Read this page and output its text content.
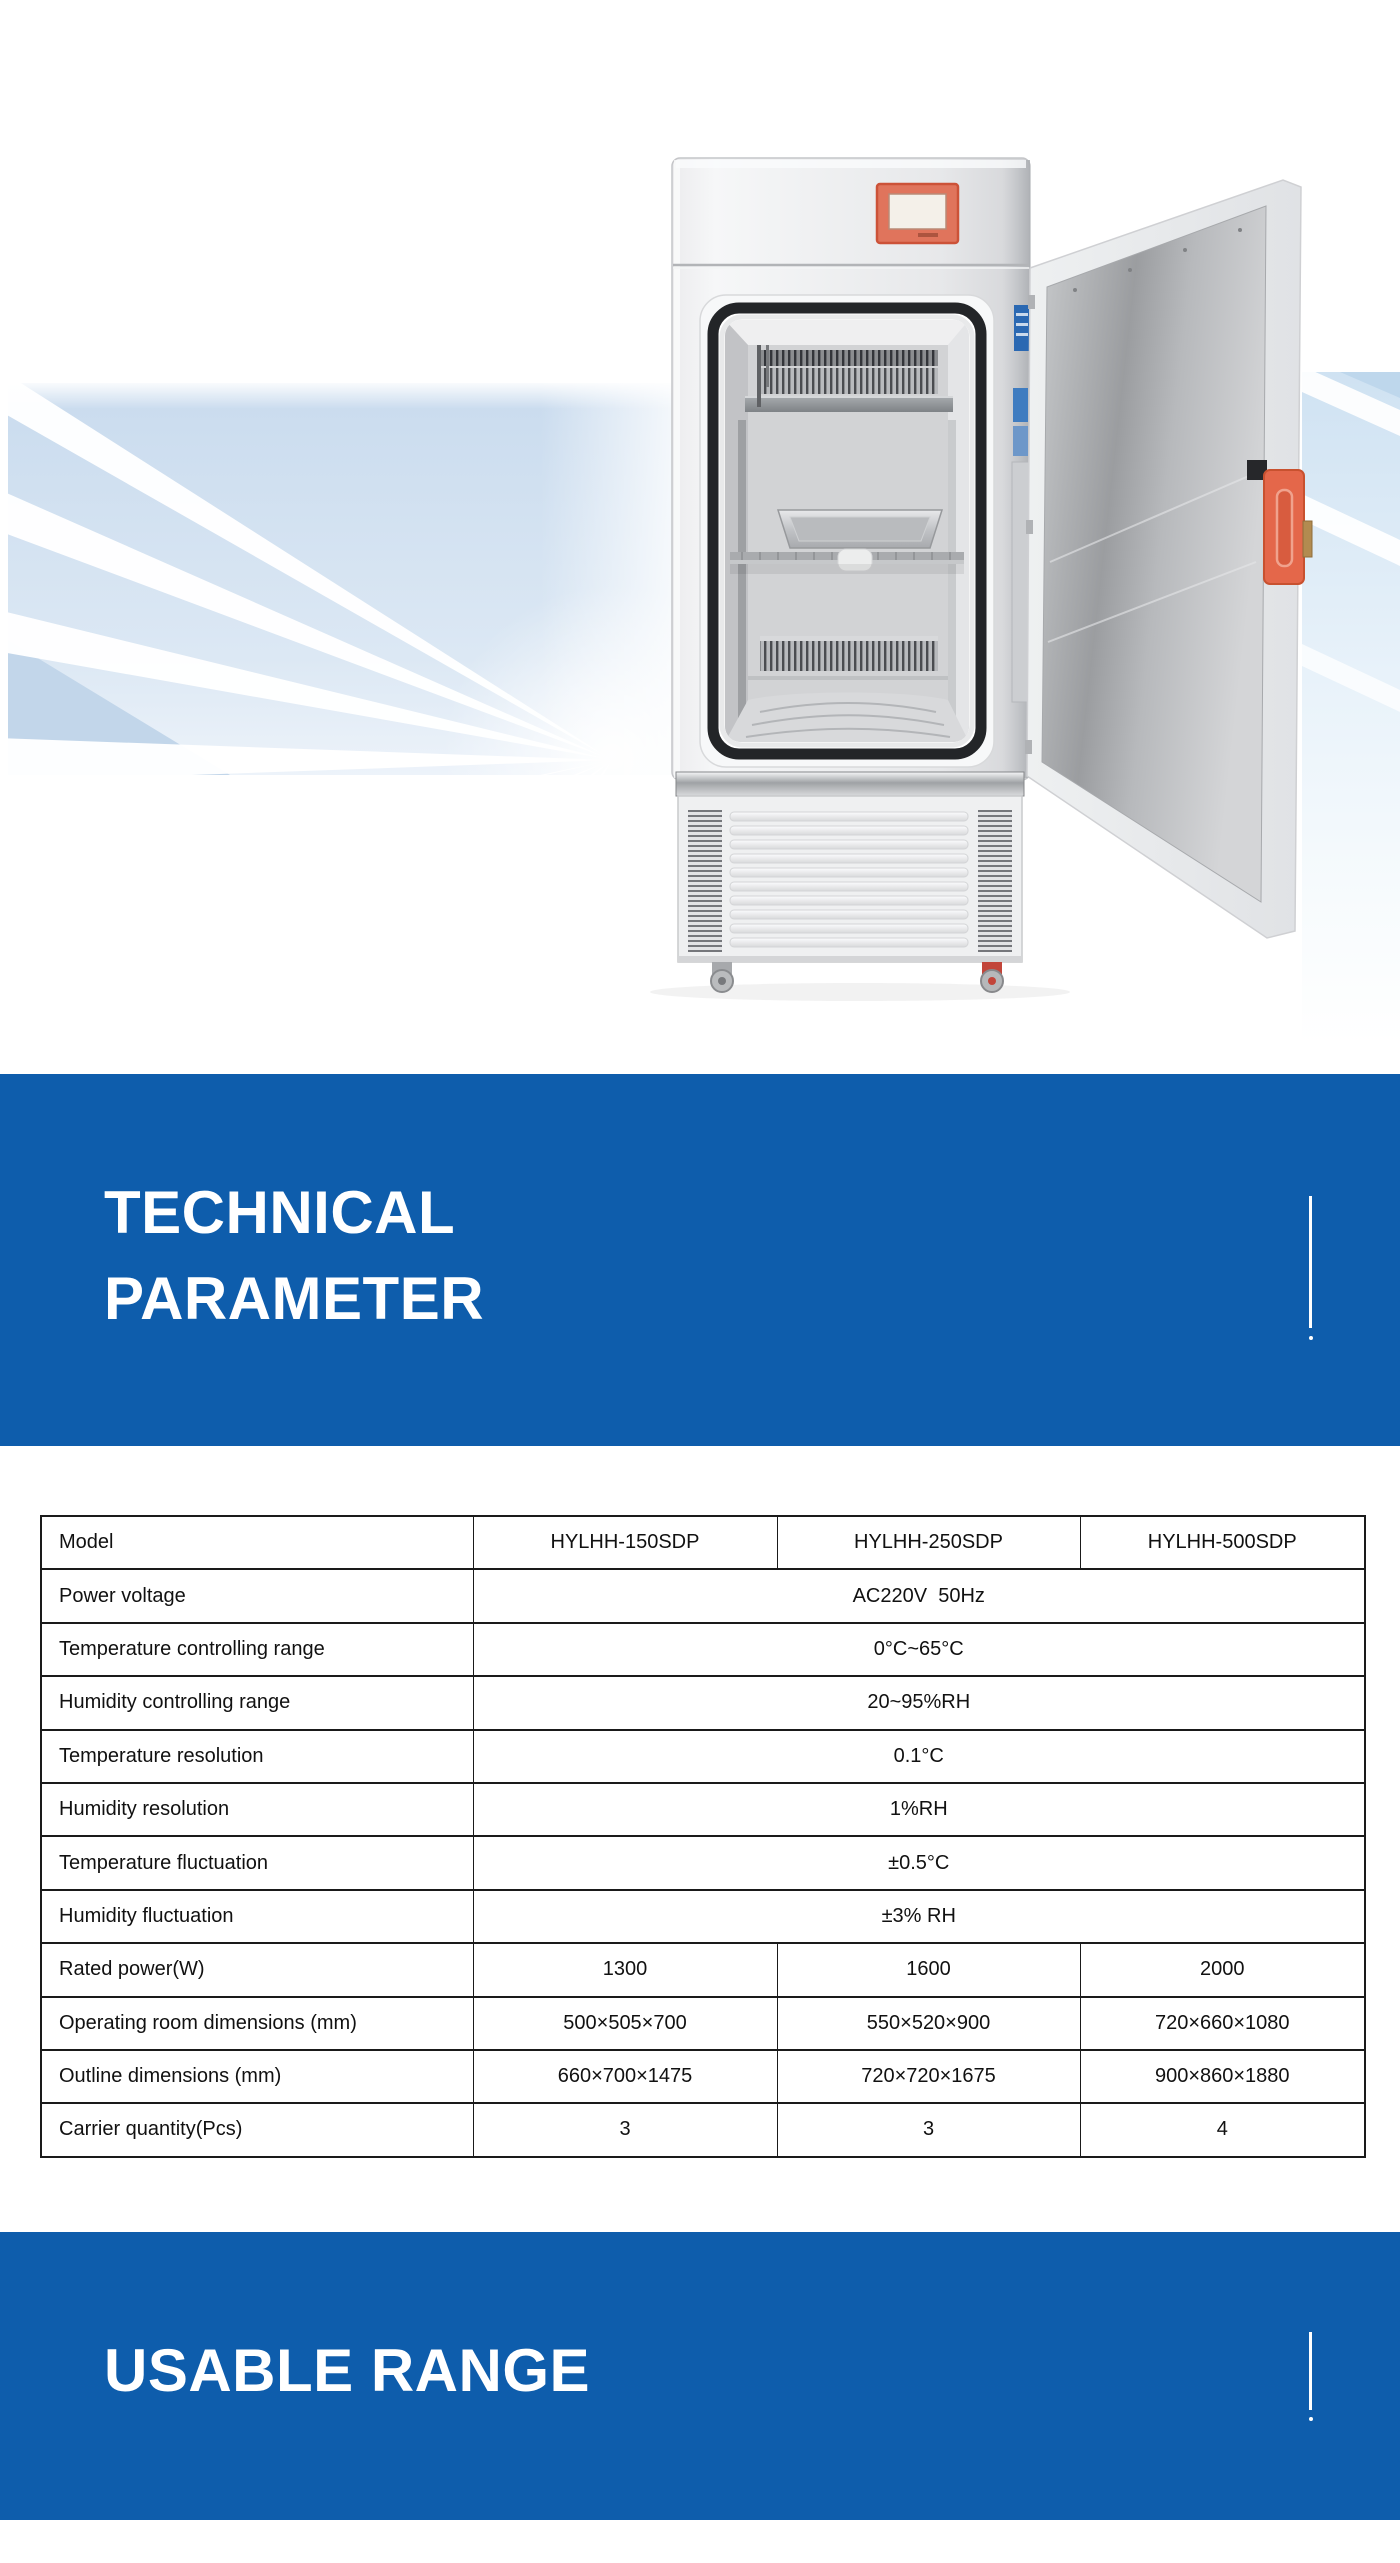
TECHNICAL
PARAMETER
Model	HYLHH-150SDP	HYLHH-250SDP	HYLHH-500SDP
Power voltage	AC220V  50Hz		
Temperature controlling range	0°C~65°C		
Humidity controlling range	20~95%RH		
Temperature resolution	0.1°C		
Humidity resolution	1%RH		
Temperature fluctuation	±0.5°C		
Humidity fluctuation	±3% RH		
Rated power(W)	1300	1600	2000
Operating room dimensions (mm)	500×505×700	550×520×900	720×660×1080
Outline dimensions (mm)	660×700×1475	720×720×1675	900×860×1880
Carrier quantity(Pcs)	3	3	4
USABLE RANGE
